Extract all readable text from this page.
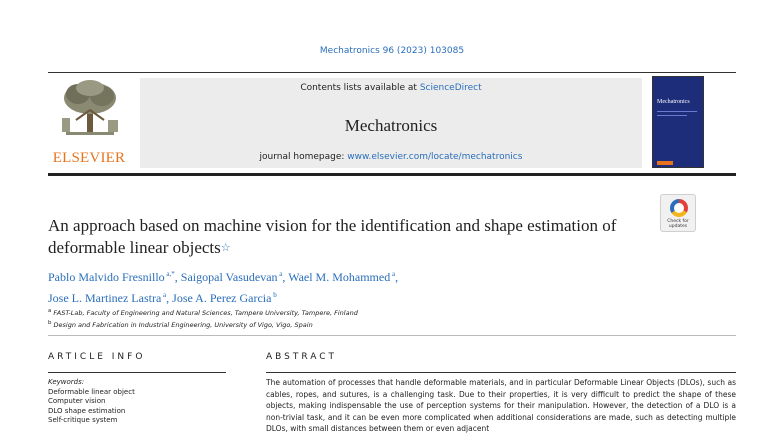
Mechatronics 96 (2023) 103085
ELSEVIER
Contents lists available at ScienceDirect
Mechatronics
journal homepage: www.elsevier.com/locate/mechatronics
Mechatronics
Check for updates
An approach based on machine vision for the identification and shape estimation of deformable linear objects☆
Pablo Malvido Fresnillo $^{a,*}$, Saigopal Vasudevan $^a$, Wael M. Mohammed $^a$,
Jose L. Martinez Lastra $^a$, Jose A. Perez Garcia $^b$
$^a$ FAST-Lab, Faculty of Engineering and Natural Sciences, Tampere University, Tampere, Finland
$^b$ Design and Fabrication in Industrial Engineering, University of Vigo, Vigo, Spain
ARTICLE INFO	ABSTRACT
Keywords:
Deformable linear object
Computer vision
DLO shape estimation
Self-critique system
The automation of processes that handle deformable materials, and in particular Deformable Linear Objects (DLOs), such as cables, ropes, and sutures, is a challenging task. Due to their properties, it is very difficult to predict the shape of these objects, making indispensable the use of perception systems for their manipulation. However, the detection of a DLO is a non-trivial task, and it can be even more complicated when additional considerations are made, such as detecting multiple DLOs, with small distances between them or even adjacent
